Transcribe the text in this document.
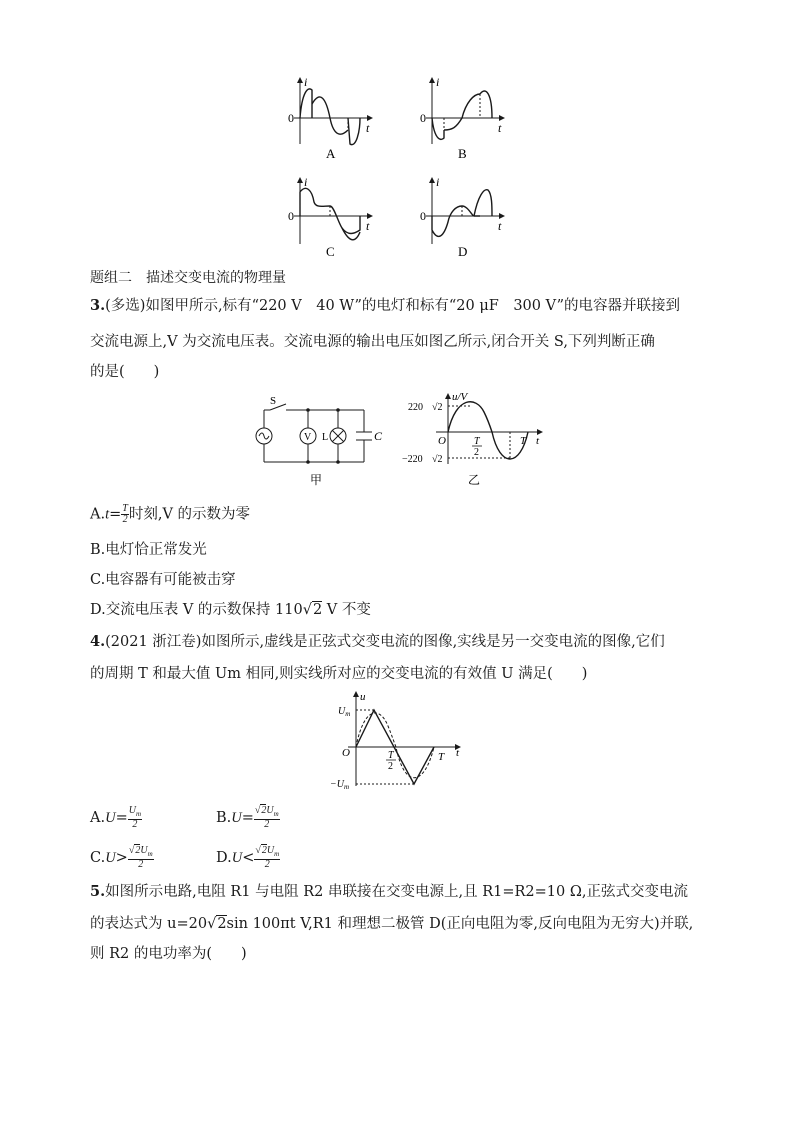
0
i
t
A
0
i
t
B
0
i
t
C
0
i
t
D
题组二　描述交变电流的物理量
3.(多选)如图甲所示,标有“220 V　40 W”的电灯和标有“20 μF　300 V”的电容器并联接到
交流电源上,V 为交流电压表。交流电源的输出电压如图乙所示,闭合开关 S,下列判断正确
的是(　　)
S
V L	C
甲
u/V
220 √2
−220 √2
O	T
2
T t
乙
$A.t= \frac{T}{2}$ 时刻,V 的示数为零
B.电灯恰正常发光
C.电容器有可能被击穿
D.交流电压表 V 的示数保持 110√2 V 不变
4.(2021 浙江卷)如图所示,虚线是正弦式交变电流的图像,实线是另一交变电流的图像,它们
的周期 T 和最大值 Um 相同,则实线所对应的交变电流的有效值 U 满足(　　)
u
$U_m$
$-U_m$
O	T
2
T t
$A.U= \frac{U_m}{2}$	$B.U= \frac{√2U_m}{2}$
$C.U> \frac{√2U_m}{2}$	$D.U< \frac{√2U_m}{2}$
5.如图所示电路,电阻 R1 与电阻 R2 串联接在交变电源上,且 R1=R2=10 Ω,正弦式交变电流
的表达式为 u=20√2sin 100πt V,R1 和理想二极管 D(正向电阻为零,反向电阻为无穷大)并联,
则 R2 的电功率为(　　)
